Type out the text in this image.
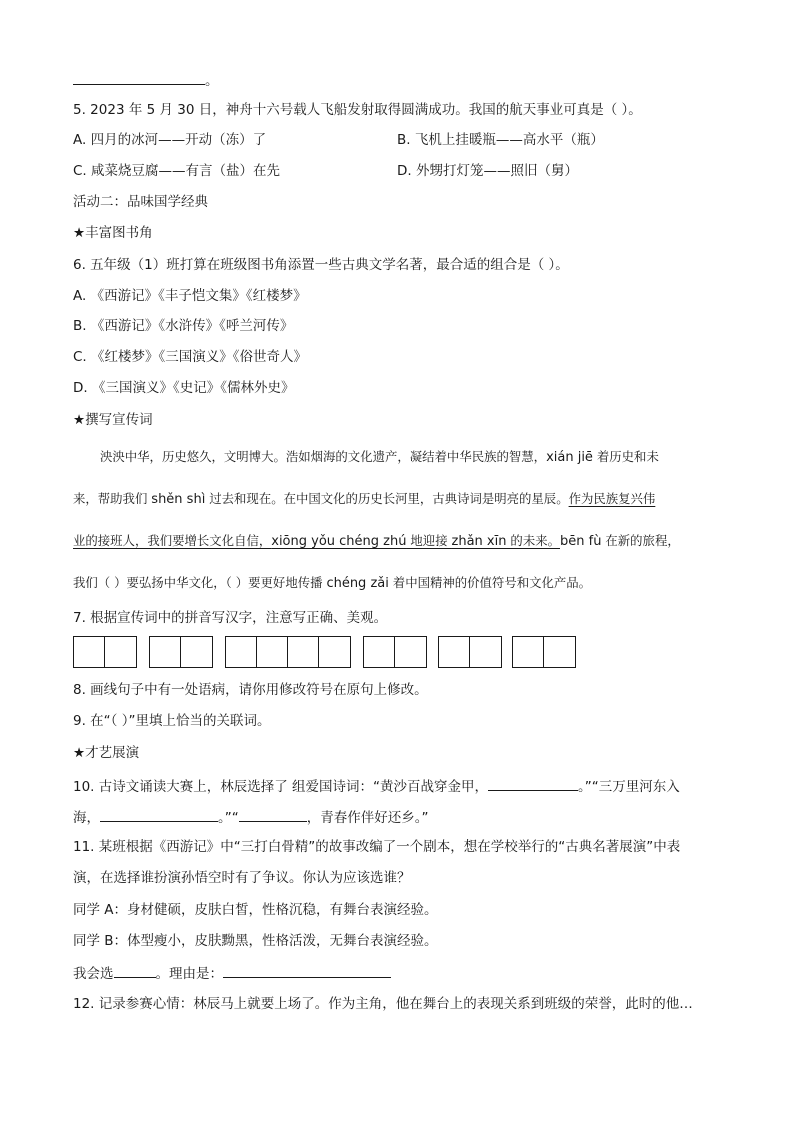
。
5. 2023 年 5 月 30 日，神舟十六号载人飞船发射取得圆满成功。我国的航天事业可真是（ ）。
A. 四月的冰河——开动（冻）了	B. 飞机上挂暖瓶——高水平（瓶）
C. 咸菜烧豆腐——有言（盐）在先	D. 外甥打灯笼——照旧（舅）
活动二：品味国学经典
★丰富图书角
6. 五年级（1）班打算在班级图书角添置一些古典文学名著，最合适的组合是（ ）。
A. 《西游记》《丰子恺文集》《红楼梦》
B. 《西游记》《水浒传》《呼兰河传》
C. 《红楼梦》《三国演义》《俗世奇人》
D. 《三国演义》《史记》《儒林外史》
★撰写宣传词
泱泱中华，历史悠久，文明博大。浩如烟海的文化遗产，凝结着中华民族的智慧，xián jiē 着历史和未
来，帮助我们 shěn shì 过去和现在。在中国文化的历史长河里，古典诗词是明亮的星辰。作为民族复兴伟
业的接班人，我们要增长文化自信，xiōng yǒu chéng zhú 地迎接 zhǎn xīn 的未来。bēn fù 在新的旅程，
我们（ ）要弘扬中华文化，（ ）要更好地传播 chéng zǎi 着中国精神的价值符号和文化产品。
7. 根据宣传词中的拼音写汉字，注意写正确、美观。
8. 画线句子中有一处语病，请你用修改符号在原句上修改。
9. 在“（ ）”里填上恰当的关联词。
★才艺展演
10. 古诗文诵读大赛上，林辰选择了 组爱国诗词：“黄沙百战穿金甲，	。”“三万里河东入
海，	。”“	，青春作伴好还乡。”
11. 某班根据《西游记》中“三打白骨精”的故事改编了一个剧本，想在学校举行的“古典名著展演”中表
演，在选择谁扮演孙悟空时有了争议。你认为应该选谁？
同学 A：身材健硕，皮肤白皙，性格沉稳，有舞台表演经验。
同学 B：体型瘦小，皮肤黝黑，性格活泼，无舞台表演经验。
我会选	。理由是：
12. 记录参赛心情：林辰马上就要上场了。作为主角，他在舞台上的表现关系到班级的荣誉，此时的他…
